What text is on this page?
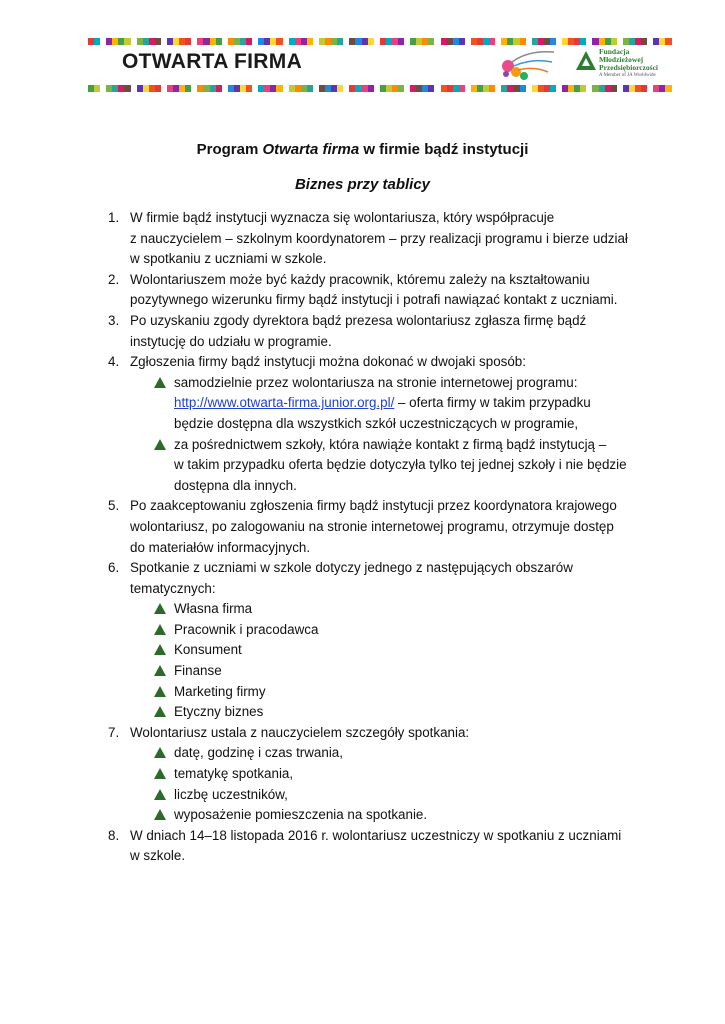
OTWARTA FIRMA	Fundacja
Młodzieżowej
Przedsiębiorczości
A Member of JA Worldwide
Program Otwarta firma w firmie bądź instytucji
Biznes przy tablicy
1. W firmie bądź instytucji wyznacza się wolontariusza, który współpracuje
z nauczycielem – szkolnym koordynatorem – przy realizacji programu i bierze udział
w spotkaniu z uczniami w szkole.
2. Wolontariuszem może być każdy pracownik, któremu zależy na kształtowaniu
pozytywnego wizerunku firmy bądź instytucji i potrafi nawiązać kontakt z uczniami.
3. Po uzyskaniu zgody dyrektora bądź prezesa wolontariusz zgłasza firmę bądź
instytucję do udziału w programie.
4. Zgłoszenia firmy bądź instytucji można dokonać w dwojaki sposób:
samodzielnie przez wolontariusza na stronie internetowej programu:
http://www.otwarta-firma.junior.org.pl/ – oferta firmy w takim przypadku
będzie dostępna dla wszystkich szkół uczestniczących w programie,
za pośrednictwem szkoły, która nawiąże kontakt z firmą bądź instytucją –
w takim przypadku oferta będzie dotyczyła tylko tej jednej szkoły i nie będzie
dostępna dla innych.
5. Po zaakceptowaniu zgłoszenia firmy bądź instytucji przez koordynatora krajowego
wolontariusz, po zalogowaniu na stronie internetowej programu, otrzymuje dostęp
do materiałów informacyjnych.
6. Spotkanie z uczniami w szkole dotyczy jednego z następujących obszarów
tematycznych:
Własna firma
Pracownik i pracodawca
Konsument
Finanse
Marketing firmy
Etyczny biznes
7. Wolontariusz ustala z nauczycielem szczegóły spotkania:
datę, godzinę i czas trwania,
tematykę spotkania,
liczbę uczestników,
wyposażenie pomieszczenia na spotkanie.
8. W dniach 14–18 listopada 2016 r. wolontariusz uczestniczy w spotkaniu z uczniami
w szkole.
